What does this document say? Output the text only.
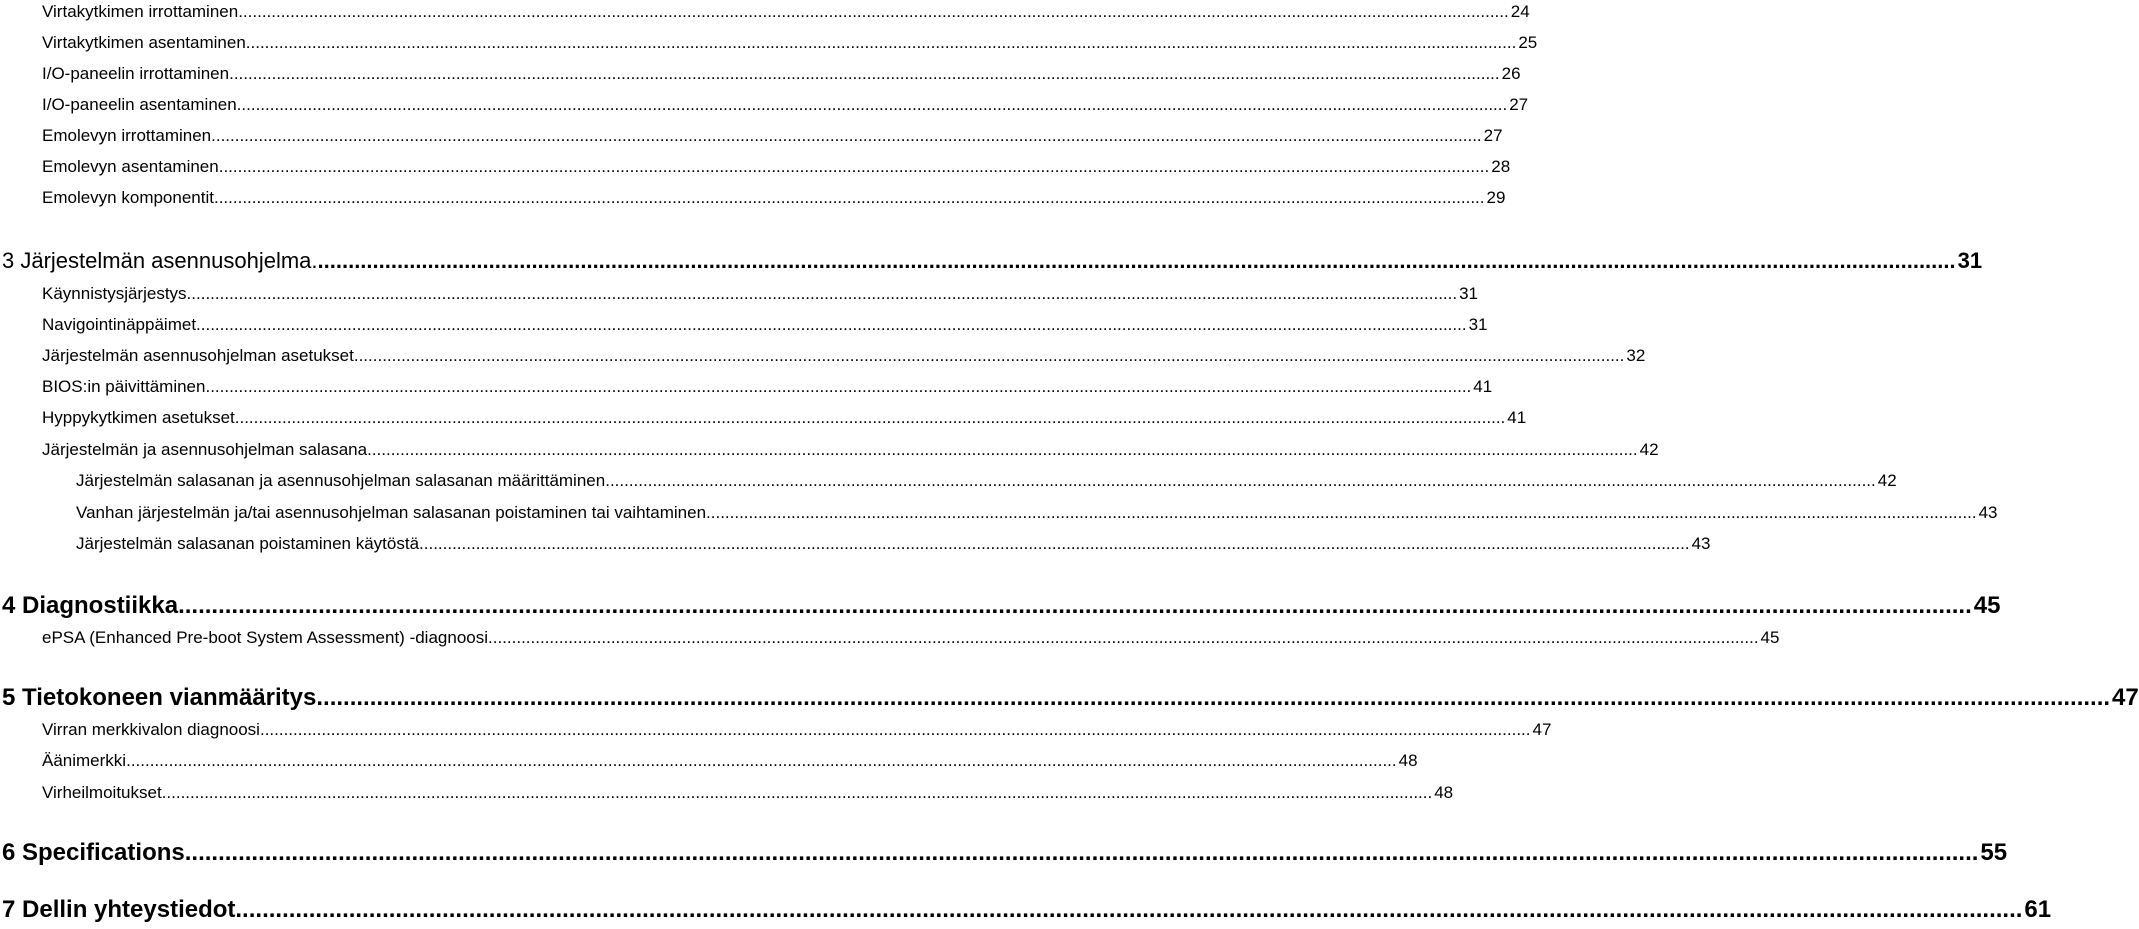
Virtakytkimen irrottaminen. ............................................................................................................................................................................................................................................................................ 24
Virtakytkimen asentaminen. ............................................................................................................................................................................................................................................................................ 25
I/O-paneelin irrottaminen. ............................................................................................................................................................................................................................................................................ 26
I/O-paneelin asentaminen. ............................................................................................................................................................................................................................................................................ 27
Emolevyn irrottaminen. ............................................................................................................................................................................................................................................................................ 27
Emolevyn asentaminen. ............................................................................................................................................................................................................................................................................ 28
Emolevyn komponentit. ............................................................................................................................................................................................................................................................................ 29
3 Järjestelmän asennusohjelma. ............................................................................................................................................................................................................................................................................ 31
Käynnistysjärjestys. ............................................................................................................................................................................................................................................................................ 31
Navigointinäppäimet. ............................................................................................................................................................................................................................................................................ 31
Järjestelmän asennusohjelman asetukset. ............................................................................................................................................................................................................................................................................ 32
BIOS:in päivittäminen ............................................................................................................................................................................................................................................................................ 41
Hyppykytkimen asetukset. ............................................................................................................................................................................................................................................................................ 41
Järjestelmän ja asennusohjelman salasana. ............................................................................................................................................................................................................................................................................ 42
Järjestelmän salasanan ja asennusohjelman salasanan määrittäminen. ............................................................................................................................................................................................................................................................................ 42
Vanhan järjestelmän ja/tai asennusohjelman salasanan poistaminen tai vaihtaminen. ............................................................................................................................................................................................................................................................................ 43
Järjestelmän salasanan poistaminen käytöstä. ............................................................................................................................................................................................................................................................................ 43
4 Diagnostiikka. ............................................................................................................................................................................................................................................................................ 45
ePSA (Enhanced Pre-boot System Assessment) -diagnoosi. ............................................................................................................................................................................................................................................................................ 45
5 Tietokoneen vianmääritys. ............................................................................................................................................................................................................................................................................ 47
Virran merkkivalon diagnoosi. ............................................................................................................................................................................................................................................................................ 47
Äänimerkki. ............................................................................................................................................................................................................................................................................ 48
Virheilmoitukset. ............................................................................................................................................................................................................................................................................ 48
6 Specifications. ............................................................................................................................................................................................................................................................................ 55
7 Dellin yhteystiedot ............................................................................................................................................................................................................................................................................ 61
